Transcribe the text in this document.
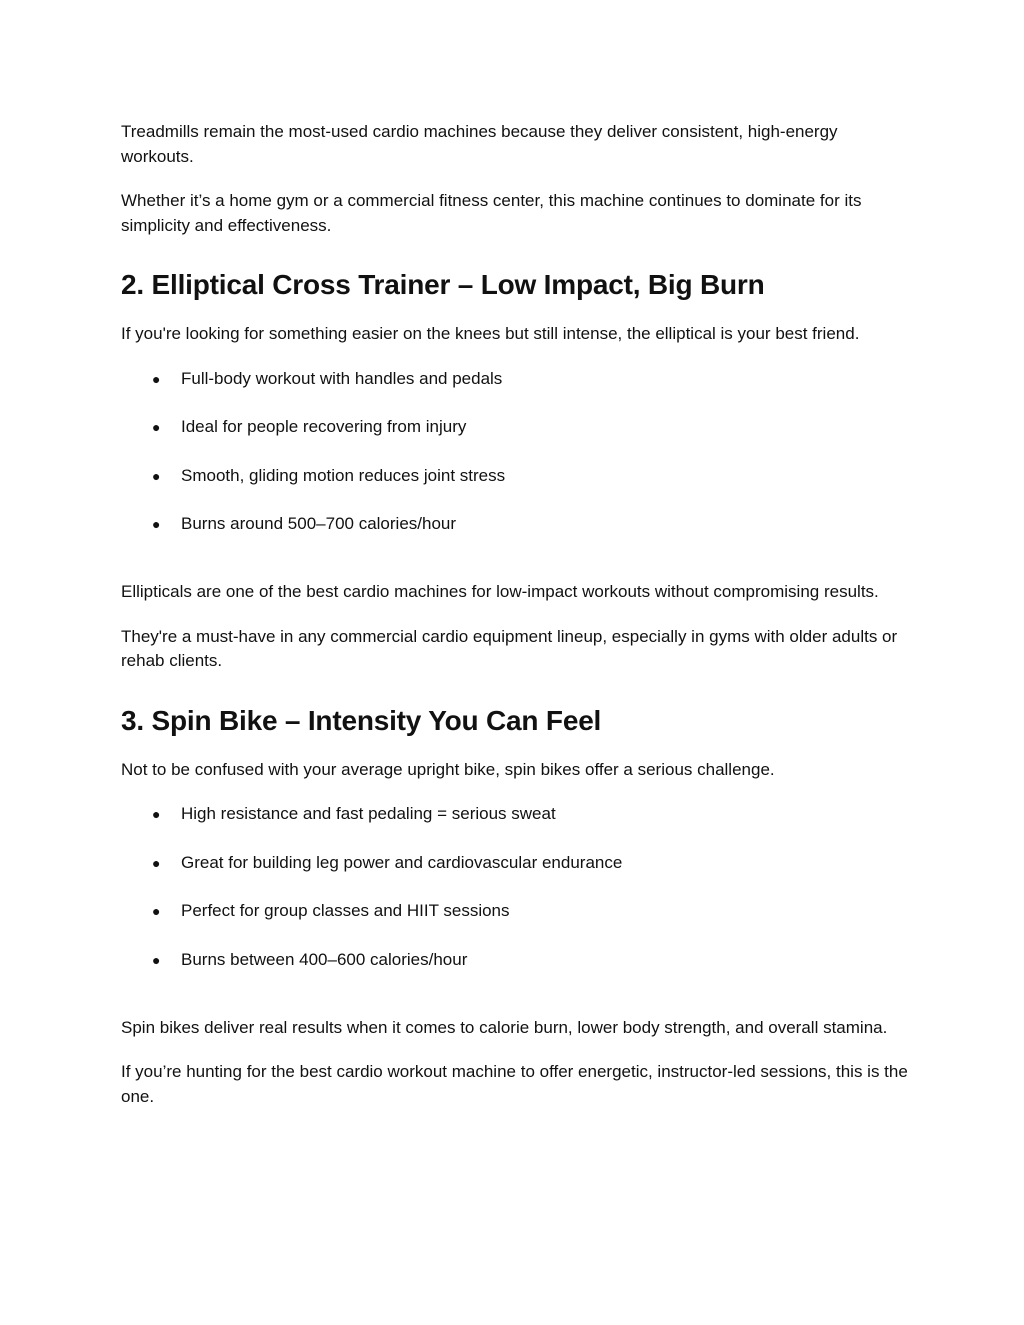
Treadmills remain the most-used cardio machines because they deliver consistent, high-energy workouts.

Whether it’s a home gym or a commercial fitness center, this machine continues to dominate for its simplicity and effectiveness.

2. Elliptical Cross Trainer – Low Impact, Big Burn

If you're looking for something easier on the knees but still intense, the elliptical is your best friend.

● Full-body workout with handles and pedals
● Ideal for people recovering from injury
● Smooth, gliding motion reduces joint stress
● Burns around 500–700 calories/hour

Ellipticals are one of the best cardio machines for low-impact workouts without compromising results.

They're a must-have in any commercial cardio equipment lineup, especially in gyms with older adults or rehab clients.

3. Spin Bike – Intensity You Can Feel

Not to be confused with your average upright bike, spin bikes offer a serious challenge.

● High resistance and fast pedaling = serious sweat
● Great for building leg power and cardiovascular endurance
● Perfect for group classes and HIIT sessions
● Burns between 400–600 calories/hour

Spin bikes deliver real results when it comes to calorie burn, lower body strength, and overall stamina.

If you’re hunting for the best cardio workout machine to offer energetic, instructor-led sessions, this is the one.
